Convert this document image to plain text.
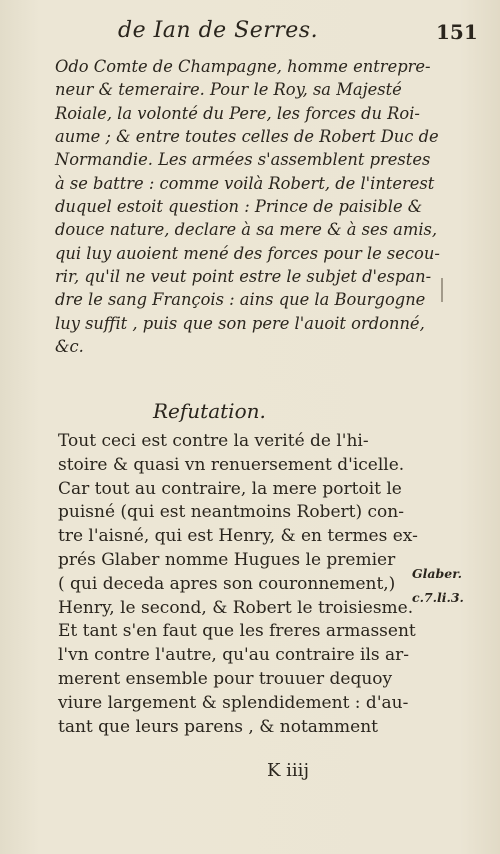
de Ian de Serres.	151
Odo Comte de Champagne, homme entrepre-
neur & temeraire. Pour le Roy, sa Majesté
Roiale, la volonté du Pere, les forces du Roi-
aume ; & entre toutes celles de Robert Duc de
Normandie. Les armées s'assemblent prestes
à se battre : comme voilà Robert, de l'interest
duquel estoit question : Prince de paisible &
douce nature, declare à sa mere & à ses amis,
qui luy auoient mené des forces pour le secou-
rir, qu'il ne veut point estre le subjet d'espan-
dre le sang François : ains que la Bourgogne
luy suffit , puis que son pere l'auoit ordonné,
&c.
Refutation.
Tout ceci est contre la verité de l'hi-
stoire & quasi vn renuersement d'icelle.
Car tout au contraire, la mere portoit le
puisné (qui est neantmoins Robert) con-
tre l'aisné, qui est Henry, & en termes ex-
prés Glaber nomme Hugues le premier
( qui deceda apres son couronnement,)
Henry, le second, & Robert le troisiesme.
Et tant s'en faut que les freres armassent
l'vn contre l'autre, qu'au contraire ils ar-
merent ensemble pour trouuer dequoy
viure largement & splendidement : d'au-
tant que leurs parens , & notamment
Glaber.
c.7.li.3.
K iiij
